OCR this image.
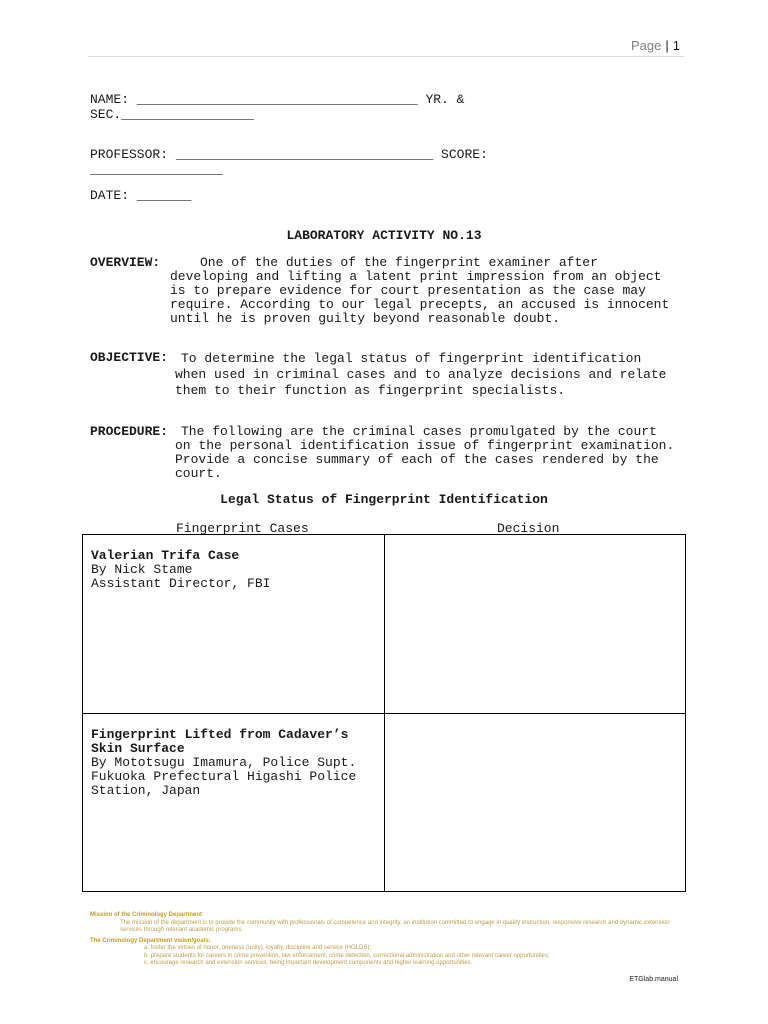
Page | 1
NAME: ____________________________________ YR. &
SEC._________________
PROFESSOR: _________________________________ SCORE:
_________________
DATE: _______
LABORATORY ACTIVITY NO.13
OVERVIEW:	One of the duties of the fingerprint examiner after developing and lifting a latent print impression from an object is to prepare evidence for court presentation as the case may require. According to our legal precepts, an accused is innocent until he is proven guilty beyond reasonable doubt.
OBJECTIVE: To determine the legal status of fingerprint identification when used in criminal cases and to analyze decisions and relate them to their function as fingerprint specialists.
PROCEDURE: The following are the criminal cases promulgated by the court on the personal identification issue of fingerprint examination. Provide a concise summary of each of the cases rendered by the court.
Legal Status of Fingerprint Identification
Fingerprint Cases	Decision
Valerian Trifa Case
By Nick Stame
Assistant Director, FBI
Fingerprint Lifted from Cadaver’s Skin Surface
By Mototsugu Imamura, Police Supt.
Fukuoka Prefectural Higashi Police Station, Japan
Mission of the Criminology Department
The mission of the department is to provide the community with professionals of competence and integrity, an institution committed to engage in quality instruction, responsive research and dynamic extension services through relevant academic programs.
The Criminology Department vision/goals:
a. foster the virtues of honor, oneness (unity), loyalty, discipline and service (HOLDS);
b. prepare students for careers in crime prevention, law enforcement, crime detection, correctional administration and other relevant career opportunities;
c. encourage research and extension services, being important development components and higher learning opportunities.
ETGlab.manual
